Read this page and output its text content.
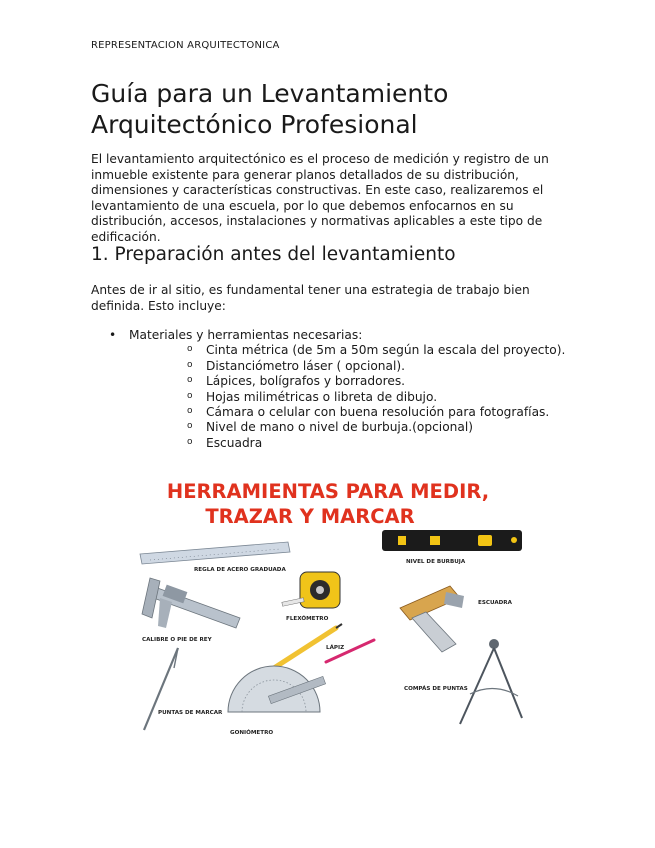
REPRESENTACION ARQUITECTONICA
Guía para un Levantamiento Arquitectónico Profesional

El levantamiento arquitectónico es el proceso de medición y registro de un inmueble existente para generar planos detallados de su distribución, dimensiones y características constructivas. En este caso, realizaremos el levantamiento de una escuela, por lo que debemos enfocarnos en su distribución, accesos, instalaciones y normativas aplicables a este tipo de edificación.

1. Preparación antes del levantamiento

Antes de ir al sitio, es fundamental tener una estrategia de trabajo bien definida. Esto incluye:

• Materiales y herramientas necesarias:
o Cinta métrica (de 5m a 50m según la escala del proyecto).
o Distanciómetro láser ( opcional).
o Lápices, bolígrafos y borradores.
o Hojas milimétricas o libreta de dibujo.
o Cámara o celular con buena resolución para fotografías.
o Nivel de mano o nivel de burbuja.(opcional)
o Escuadra
HERRAMIENTAS PARA MEDIR,
TRAZAR Y MARCAR
REGLA DE ACERO GRADUADA
NIVEL DE BURBUJA
CALIBRE O PIE DE REY
FLEXÓMETRO
ESCUADRA
LÁPIZ
COMPÁS DE PUNTAS
PUNTAS DE MARCAR
GONIÓMETRO
